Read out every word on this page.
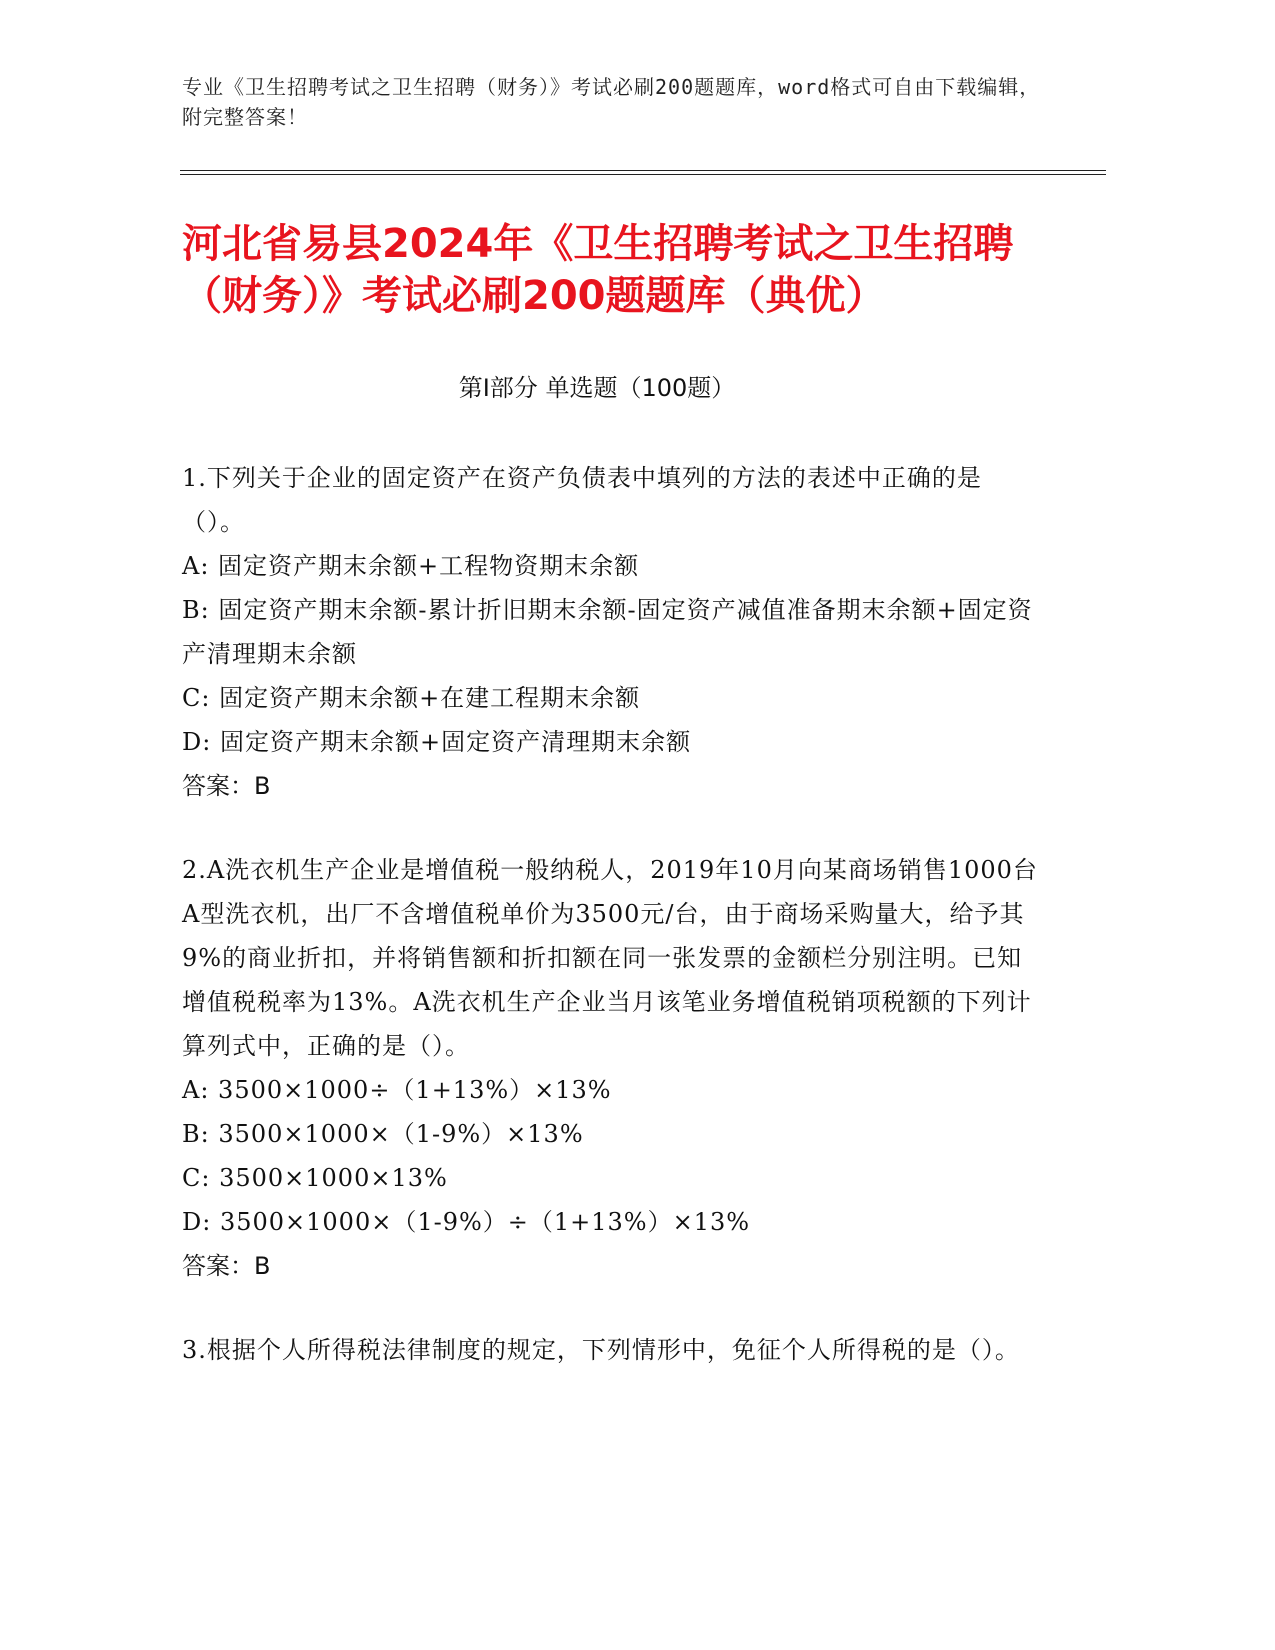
专业《卫生招聘考试之卫生招聘（财务）》考试必刷200题题库，word格式可自由下载编辑，附完整答案！
河北省易县2024年《卫生招聘考试之卫生招聘（财务）》考试必刷200题题库（典优）
第I部分 单选题（100题）

1.下列关于企业的固定资产在资产负债表中填列的方法的表述中正确的是（）。

A: 固定资产期末余额+工程物资期末余额

B: 固定资产期末余额-累计折旧期末余额-固定资产减值准备期末余额+固定资产清理期末余额

C: 固定资产期末余额+在建工程期末余额

D: 固定资产期末余额+固定资产清理期末余额

答案：B

2.A洗衣机生产企业是增值税一般纳税人，2019年10月向某商场销售1000台A型洗衣机，出厂不含增值税单价为3500元/台，由于商场采购量大，给予其9%的商业折扣，并将销售额和折扣额在同一张发票的金额栏分别注明。已知增值税税率为13%。A洗衣机生产企业当月该笔业务增值税销项税额的下列计算列式中，正确的是（）。

A: 3500×1000÷（1+13%）×13%

B: 3500×1000×（1-9%）×13%

C: 3500×1000×13%

D: 3500×1000×（1-9%）÷（1+13%）×13%

答案：B

3.根据个人所得税法律制度的规定，下列情形中，免征个人所得税的是（）。
